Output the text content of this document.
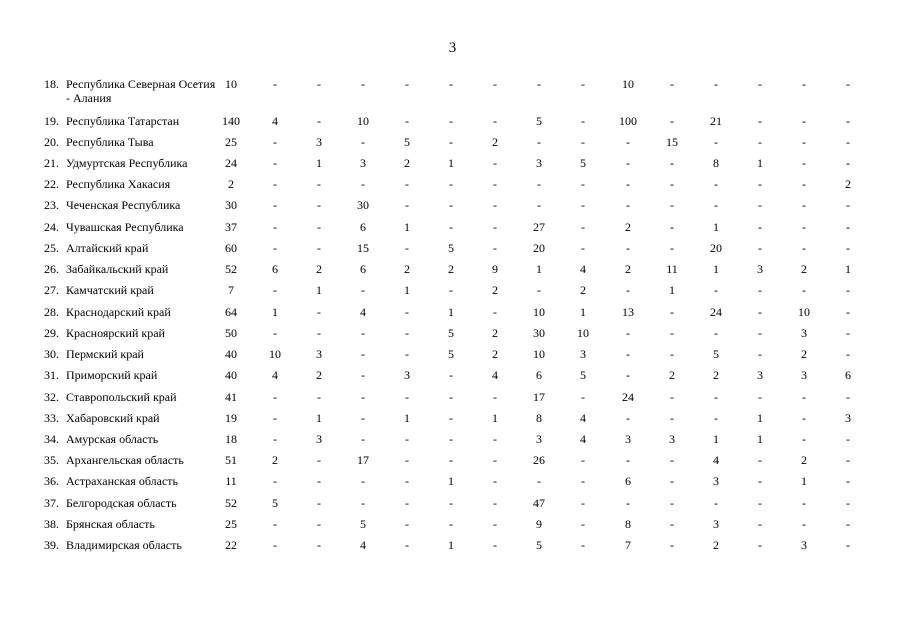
3
18. Республика Северная Осетия - Алания
10	-	-	-	-	-	-	-	-	10	-	-	-	-	-
19. Республика Татарстан	140	4	-	10	-	-	-	5	-	100	-	21	-	-	-
20. Республика Тыва	25	-	3	-	5	-	2	-	-	-	15	-	-	-	-
21. Удмуртская Республика	24	-	1	3	2	1	-	3	5	-	-	8	1	-	-
22. Республика Хакасия	2	-	-	-	-	-	-	-	-	-	-	-	-	-	2
23. Чеченская Республика	30	-	-	30	-	-	-	-	-	-	-	-	-	-	-
24. Чувашская Республика	37	-	-	6	1	-	-	27	-	2	-	1	-	-	-
25. Алтайский край	60	-	-	15	-	5	-	20	-	-	-	20	-	-	-
26. Забайкальский край	52	6	2	6	2	2	9	1	4	2	11	1	3	2	1
27. Камчатский край	7	-	1	-	1	-	2	-	2	-	1	-	-	-	-
28. Краснодарский край	64	1	-	4	-	1	-	10	1	13	-	24	-	10	-
29. Красноярский край	50	-	-	-	-	5	2	30	10	-	-	-	-	3	-
30. Пермский край	40	10	3	-	-	5	2	10	3	-	-	5	-	2	-
31. Приморский край	40	4	2	-	3	-	4	6	5	-	2	2	3	3	6
32. Ставропольский край	41	-	-	-	-	-	-	17	-	24	-	-	-	-	-
33. Хабаровский край	19	-	1	-	1	-	1	8	4	-	-	-	1	-	3
34. Амурская область	18	-	3	-	-	-	-	3	4	3	3	1	1	-	-
35. Архангельская область	51	2	-	17	-	-	-	26	-	-	-	4	-	2	-
36. Астраханская область	11	-	-	-	-	1	-	-	-	6	-	3	-	1	-
37. Белгородская область	52	5	-	-	-	-	-	47	-	-	-	-	-	-	-
38. Брянская область	25	-	-	5	-	-	-	9	-	8	-	3	-	-	-
39. Владимирская область	22	-	-	4	-	1	-	5	-	7	-	2	-	3	-
